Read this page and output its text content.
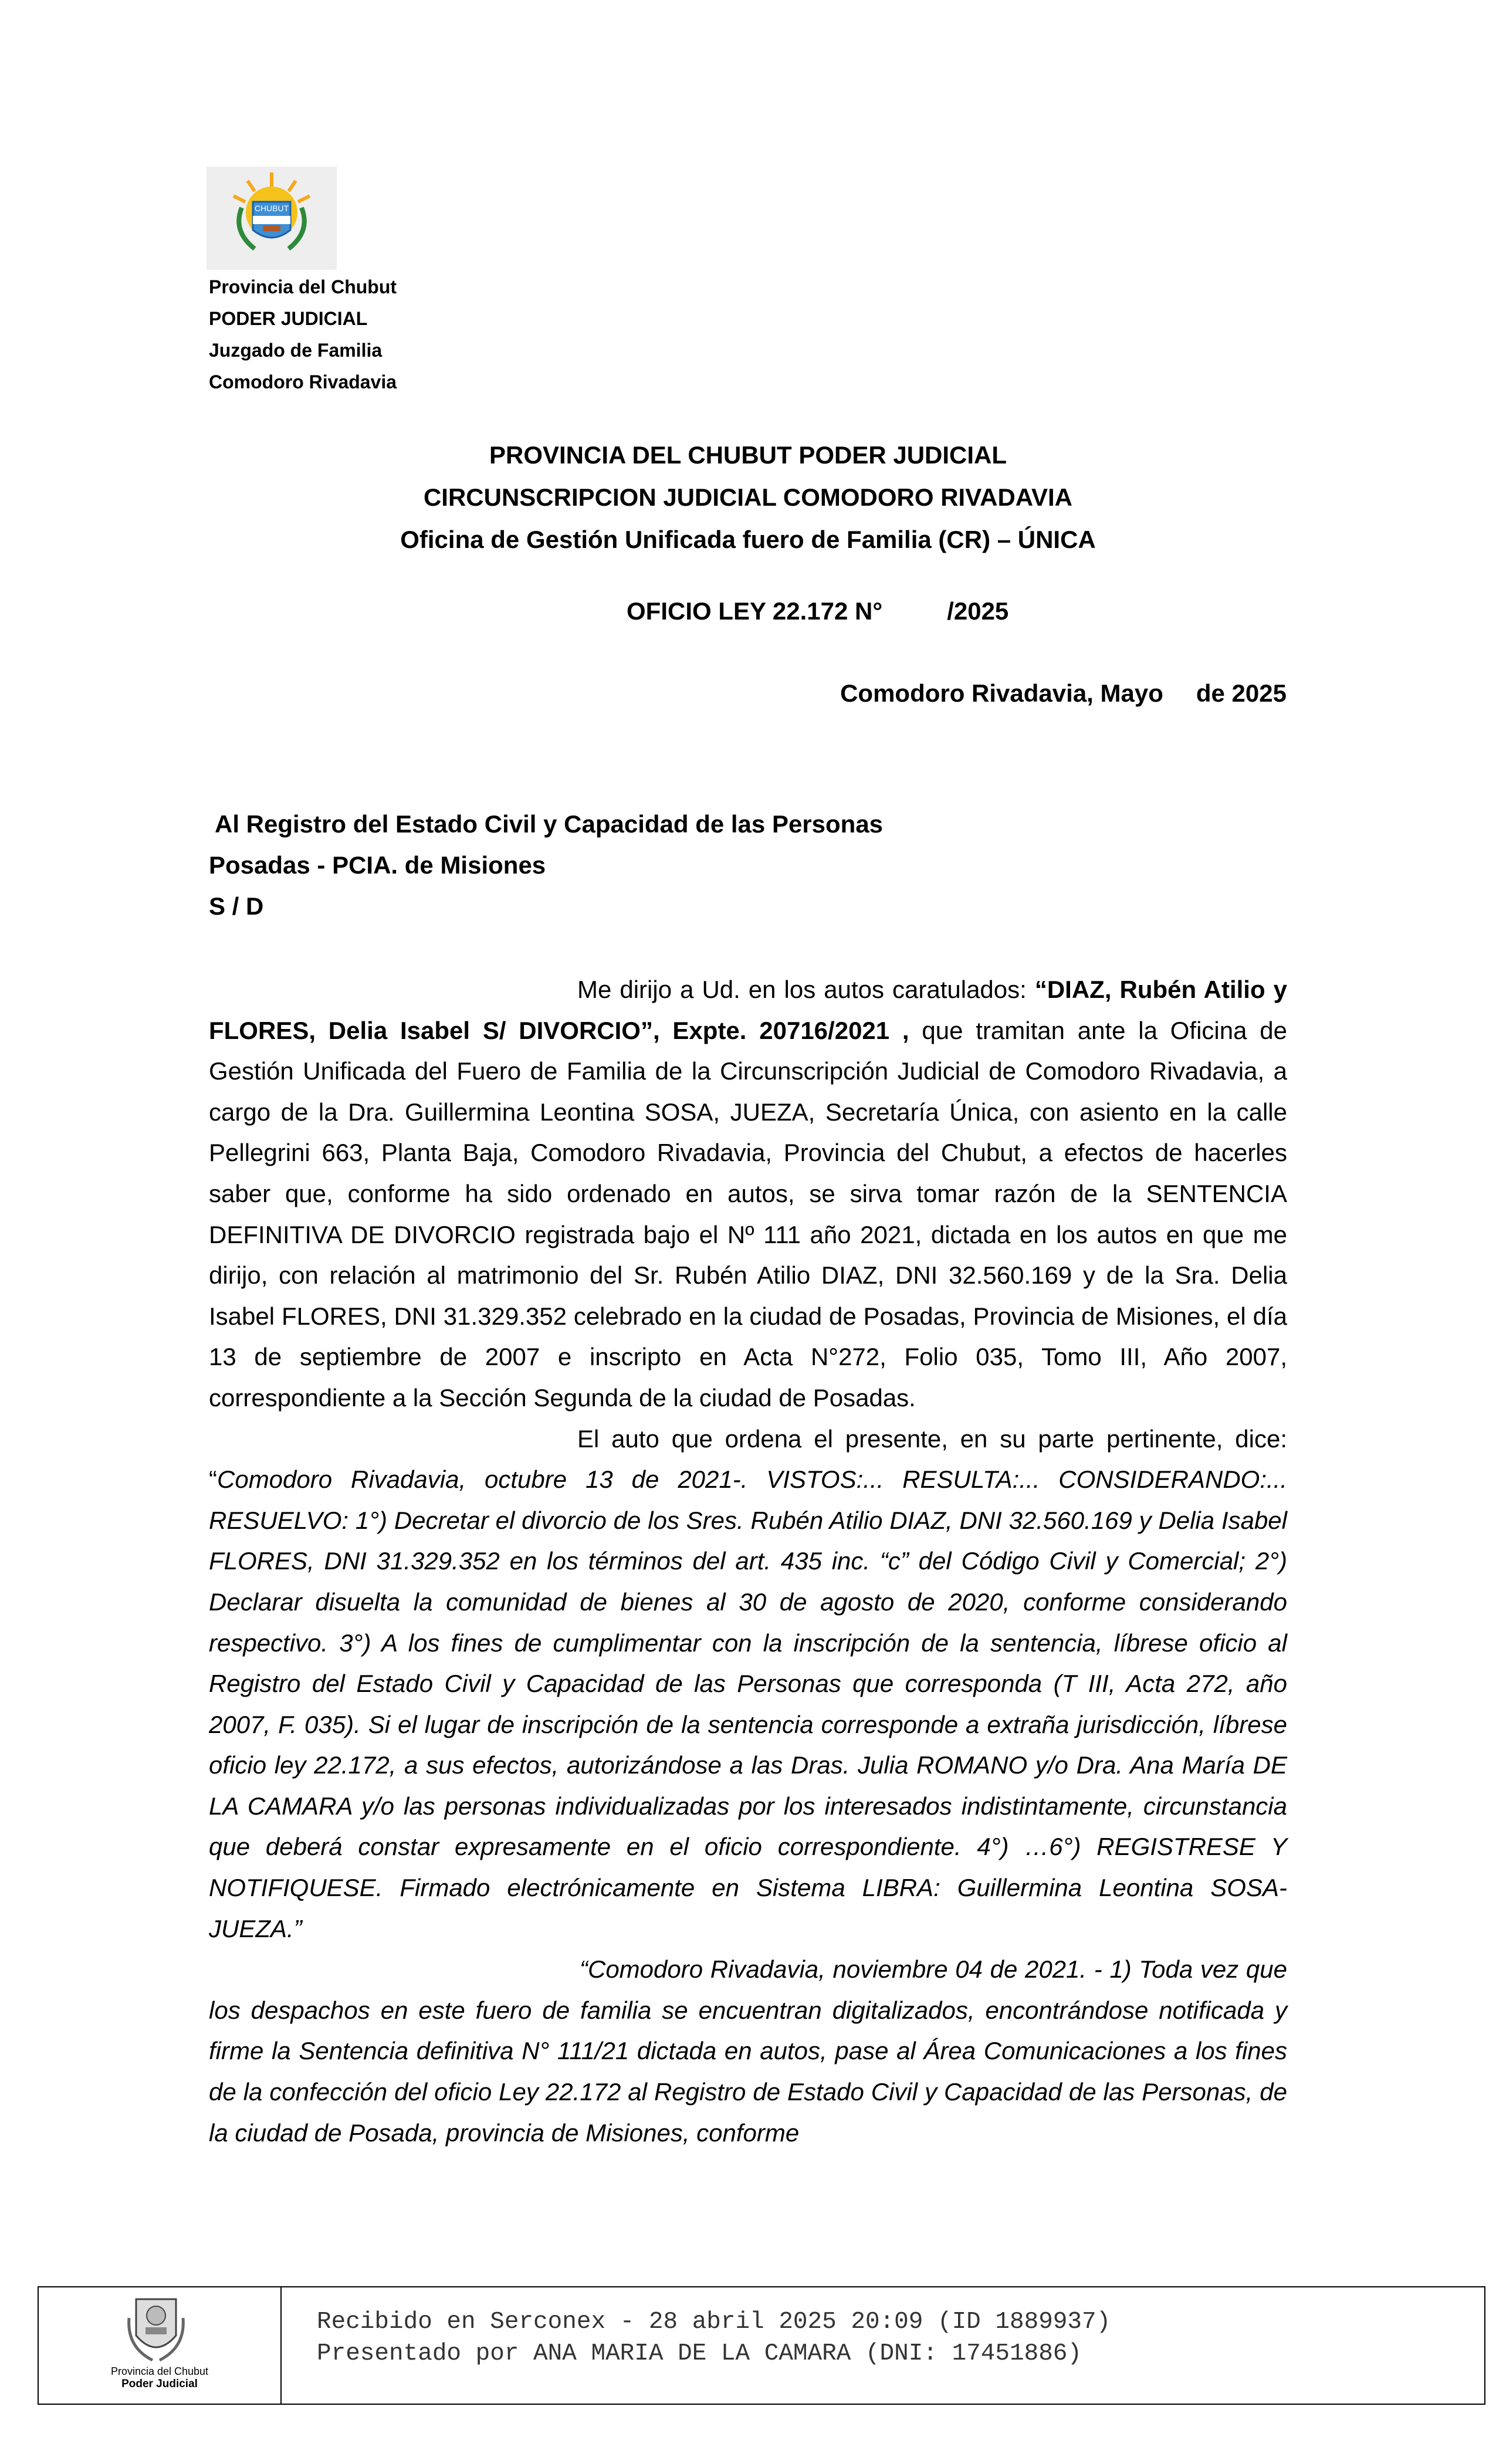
CHUBUT
Provincia del Chubut
PODER JUDICIAL
Juzgado de Familia
Comodoro Rivadavia
PROVINCIA DEL CHUBUT PODER JUDICIAL
CIRCUNSCRIPCION JUDICIAL COMODORO RIVADAVIA
Oficina de Gestión Unificada fuero de Familia (CR) – ÚNICA
OFICIO LEY 22.172 N°	/2025
Comodoro Rivadavia, Mayo de 2025
Al Registro del Estado Civil y Capacidad de las Personas
Posadas - PCIA. de Misiones
S / D

Me dirijo a Ud. en los autos caratulados: “DIAZ, Rubén Atilio y FLORES, Delia Isabel S/ DIVORCIO”, Expte. 20716/2021 , que tramitan ante la Oficina de Gestión Unificada del Fuero de Familia de la Circunscripción Judicial de Comodoro Rivadavia, a cargo de la Dra. Guillermina Leontina SOSA, JUEZA, Secretaría Única, con asiento en la calle Pellegrini 663, Planta Baja, Comodoro Rivadavia, Provincia del Chubut, a efectos de hacerles saber que, conforme ha sido ordenado en autos, se sirva tomar razón de la SENTENCIA DEFINITIVA DE DIVORCIO registrada bajo el Nº 111 año 2021, dictada en los autos en que me dirijo, con relación al matrimonio del Sr. Rubén Atilio DIAZ, DNI 32.560.169 y de la Sra. Delia Isabel FLORES, DNI 31.329.352 celebrado en la ciudad de Posadas, Provincia de Misiones, el día 13 de septiembre de 2007 e inscripto en Acta N°272, Folio 035, Tomo III, Año 2007, correspondiente a la Sección Segunda de la ciudad de Posadas.

El auto que ordena el presente, en su parte pertinente, dice: “Comodoro Rivadavia, octubre 13 de 2021-. VISTOS:... RESULTA:... CONSIDERANDO:... RESUELVO: 1°) Decretar el divorcio de los Sres. Rubén Atilio DIAZ, DNI 32.560.169 y Delia Isabel FLORES, DNI 31.329.352 en los términos del art. 435 inc. “c” del Código Civil y Comercial; 2°) Declarar disuelta la comunidad de bienes al 30 de agosto de 2020, conforme considerando respectivo. 3°) A los fines de cumplimentar con la inscripción de la sentencia, líbrese oficio al Registro del Estado Civil y Capacidad de las Personas que corresponda (T III, Acta 272, año 2007, F. 035). Si el lugar de inscripción de la sentencia corresponde a extraña jurisdicción, líbrese oficio ley 22.172, a sus efectos, autorizándose a las Dras. Julia ROMANO y/o Dra. Ana María DE LA CAMARA y/o las personas individualizadas por los interesados indistintamente, circunstancia que deberá constar expresamente en el oficio correspondiente. 4°) …6°) REGISTRESE Y NOTIFIQUESE. Firmado electrónicamente en Sistema LIBRA: Guillermina Leontina SOSA- JUEZA.”

“Comodoro Rivadavia, noviembre 04 de 2021. - 1) Toda vez que los despachos en este fuero de familia se encuentran digitalizados, encontrándose notificada y firme la Sentencia definitiva N° 111/21 dictada en autos, pase al Área Comunicaciones a los fines de la confección del oficio Ley 22.172 al Registro de Estado Civil y Capacidad de las Personas, de la ciudad de Posada, provincia de Misiones, conforme

Provincia del Chubut
Poder Judicial
Recibido en Serconex - 28 abril 2025 20:09 (ID 1889937)
Presentado por ANA MARIA DE LA CAMARA (DNI: 17451886)
